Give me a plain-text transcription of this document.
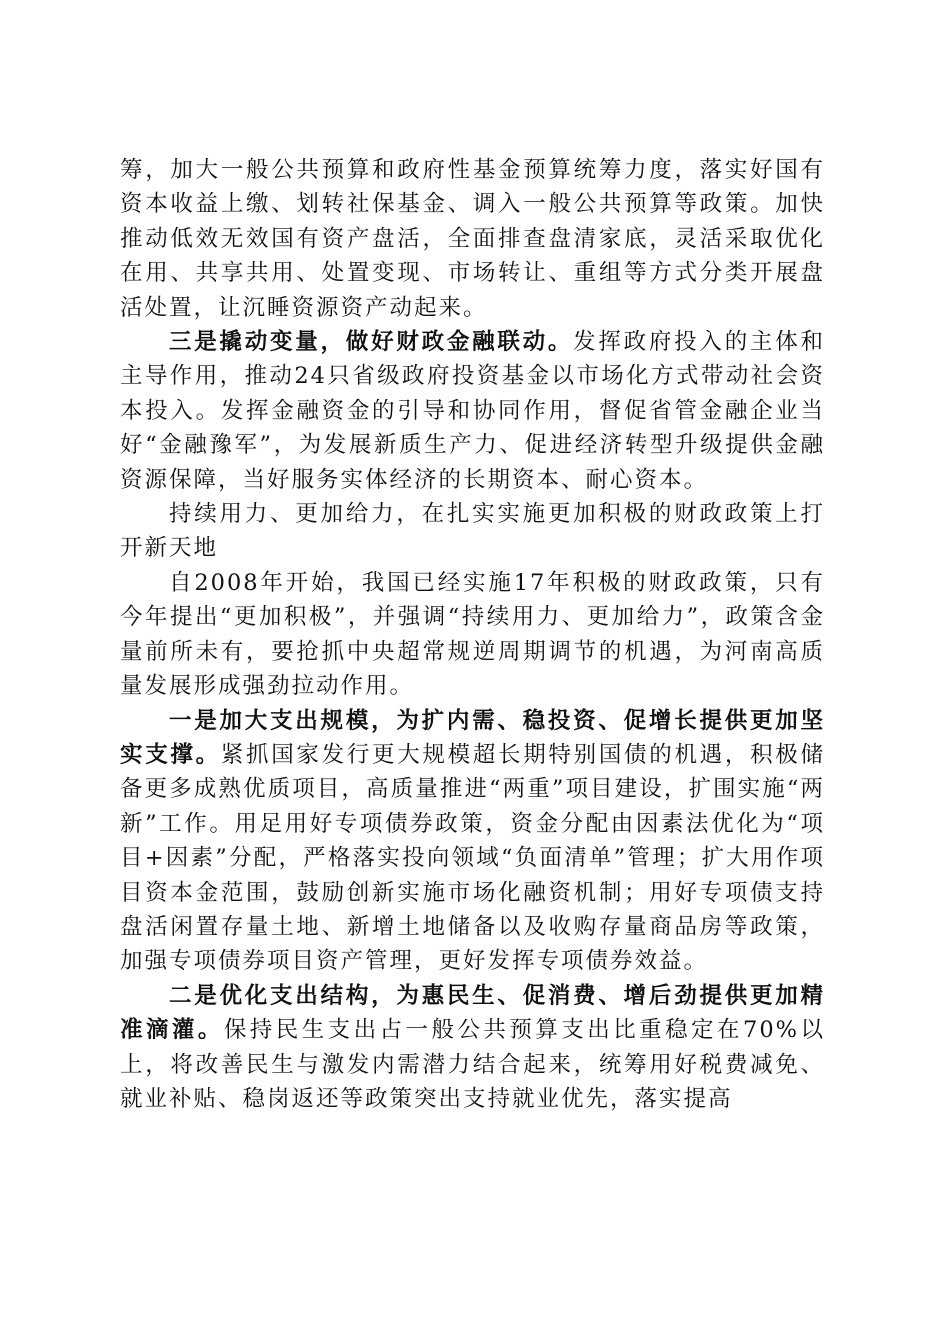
筹，加大一般公共预算和政府性基金预算统筹力度，落实好国有资本收益上缴、划转社保基金、调入一般公共预算等政策。加快推动低效无效国有资产盘活，全面排查盘清家底，灵活采取优化在用、共享共用、处置变现、市场转让、重组等方式分类开展盘活处置，让沉睡资源资产动起来。

三是撬动变量，做好财政金融联动。发挥政府投入的主体和主导作用，推动24只省级政府投资基金以市场化方式带动社会资本投入。发挥金融资金的引导和协同作用，督促省管金融企业当好“金融豫军”，为发展新质生产力、促进经济转型升级提供金融资源保障，当好服务实体经济的长期资本、耐心资本。

持续用力、更加给力，在扎实实施更加积极的财政政策上打开新天地

自2008年开始，我国已经实施17年积极的财政政策，只有今年提出“更加积极”，并强调“持续用力、更加给力”，政策含金量前所未有，要抢抓中央超常规逆周期调节的机遇，为河南高质量发展形成强劲拉动作用。

一是加大支出规模，为扩内需、稳投资、促增长提供更加坚实支撑。紧抓国家发行更大规模超长期特别国债的机遇，积极储备更多成熟优质项目，高质量推进“两重”项目建设，扩围实施“两新”工作。用足用好专项债券政策，资金分配由因素法优化为“项目+因素”分配，严格落实投向领域“负面清单”管理；扩大用作项目资本金范围，鼓励创新实施市场化融资机制；用好专项债支持盘活闲置存量土地、新增土地储备以及收购存量商品房等政策，加强专项债券项目资产管理，更好发挥专项债券效益。

二是优化支出结构，为惠民生、促消费、增后劲提供更加精准滴灌。保持民生支出占一般公共预算支出比重稳定在70%以上，将改善民生与激发内需潜力结合起来，统筹用好税费减免、就业补贴、稳岗返还等政策突出支持就业优先，落实提高
